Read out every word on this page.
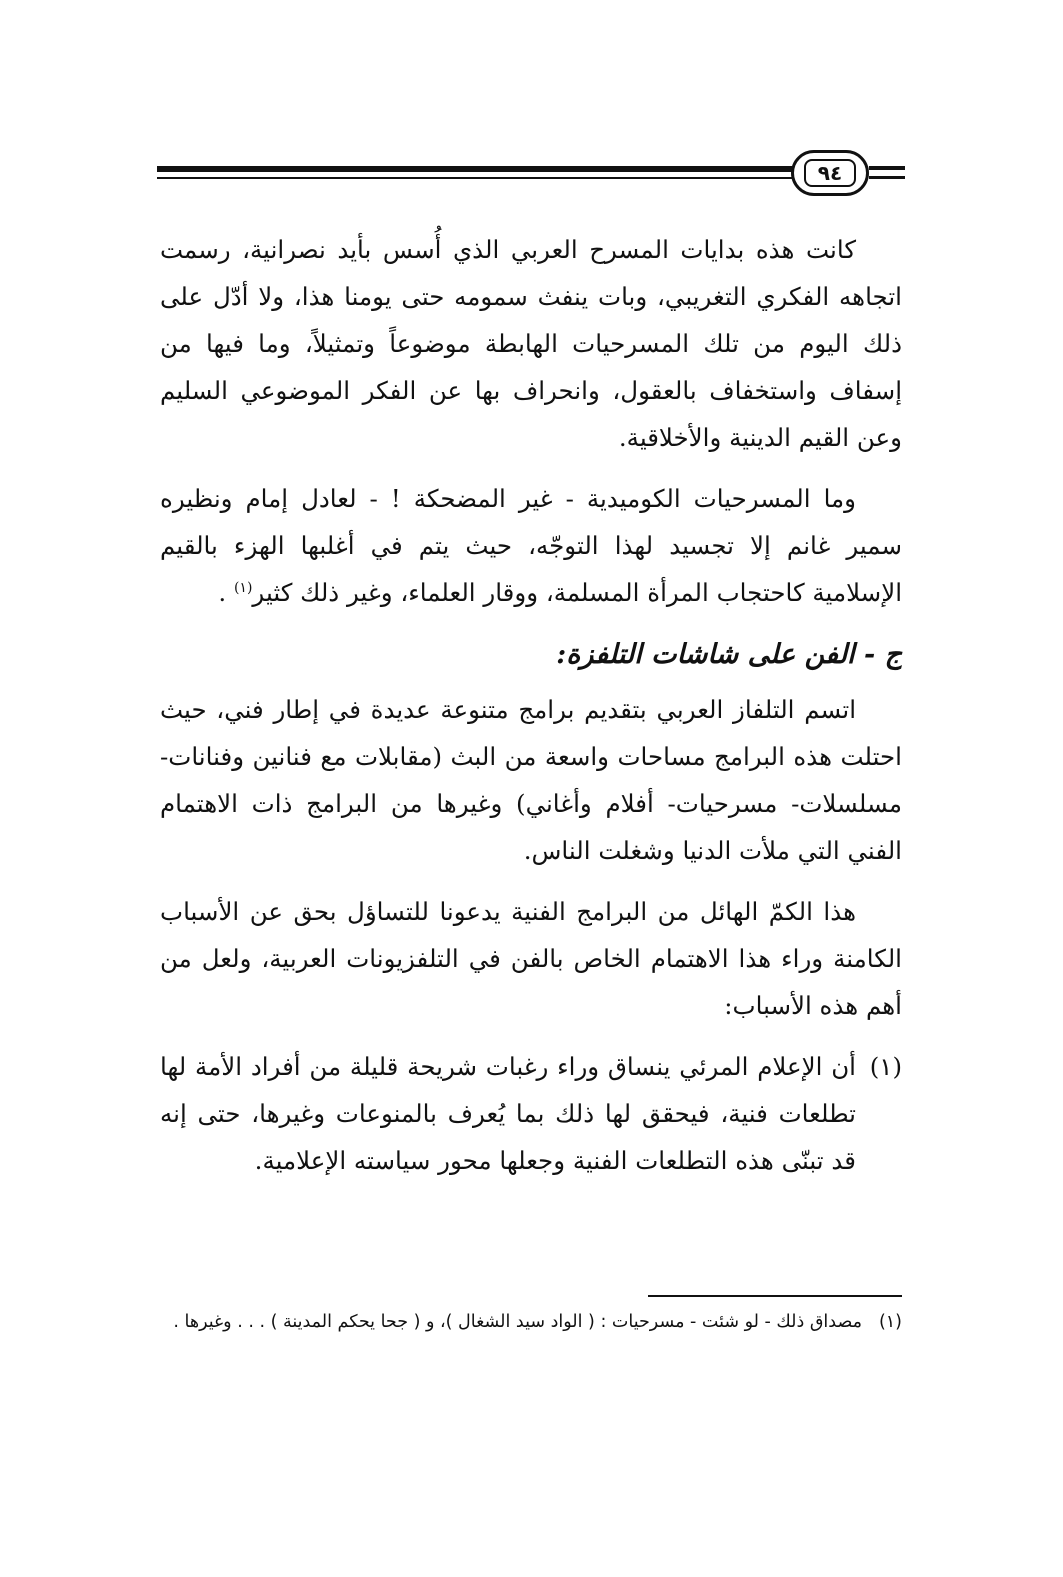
٩٤
كانت هذه بدايات المسرح العربي الذي أُسس بأيد نصرانية، رسمت اتجاهه الفكري التغريبي، وبات ينفث سمومه حتى يومنا هذا، ولا أدّل على ذلك اليوم من تلك المسرحيات الهابطة موضوعاً وتمثيلاً، وما فيها من إسفاف واستخفاف بالعقول، وانحراف بها عن الفكر الموضوعي السليم وعن القيم الدينية والأخلاقية.
وما المسرحيات الكوميدية - غير المضحكة ! - لعادل إمام ونظيره سمير غانم إلا تجسيد لهذا التوجّه، حيث يتم في أغلبها الهزء بالقيم الإسلامية كاحتجاب المرأة المسلمة، ووقار العلماء، وغير ذلك كثير$^{(١)}$ .
ج - الفن على شاشات التلفزة:
اتسم التلفاز العربي بتقديم برامج متنوعة عديدة في إطار فني، حيث احتلت هذه البرامج مساحات واسعة من البث (مقابلات مع فنانين وفنانات- مسلسلات- مسرحيات- أفلام وأغاني) وغيرها من البرامج ذات الاهتمام الفني التي ملأت الدنيا وشغلت الناس.
هذا الكمّ الهائل من البرامج الفنية يدعونا للتساؤل بحق عن الأسباب الكامنة وراء هذا الاهتمام الخاص بالفن في التلفزيونات العربية، ولعل من أهم هذه الأسباب:
(١)
أن الإعلام المرئي ينساق وراء رغبات شريحة قليلة من أفراد الأمة لها تطلعات فنية، فيحقق لها ذلك بما يُعرف بالمنوعات وغيرها، حتى إنه قد تبنّى هذه التطلعات الفنية وجعلها محور سياسته الإعلامية.
(١)
مصداق ذلك - لو شئت - مسرحيات : ( الواد سيد الشغال )، و ( جحا يحكم المدينة ) . . . وغيرها .
